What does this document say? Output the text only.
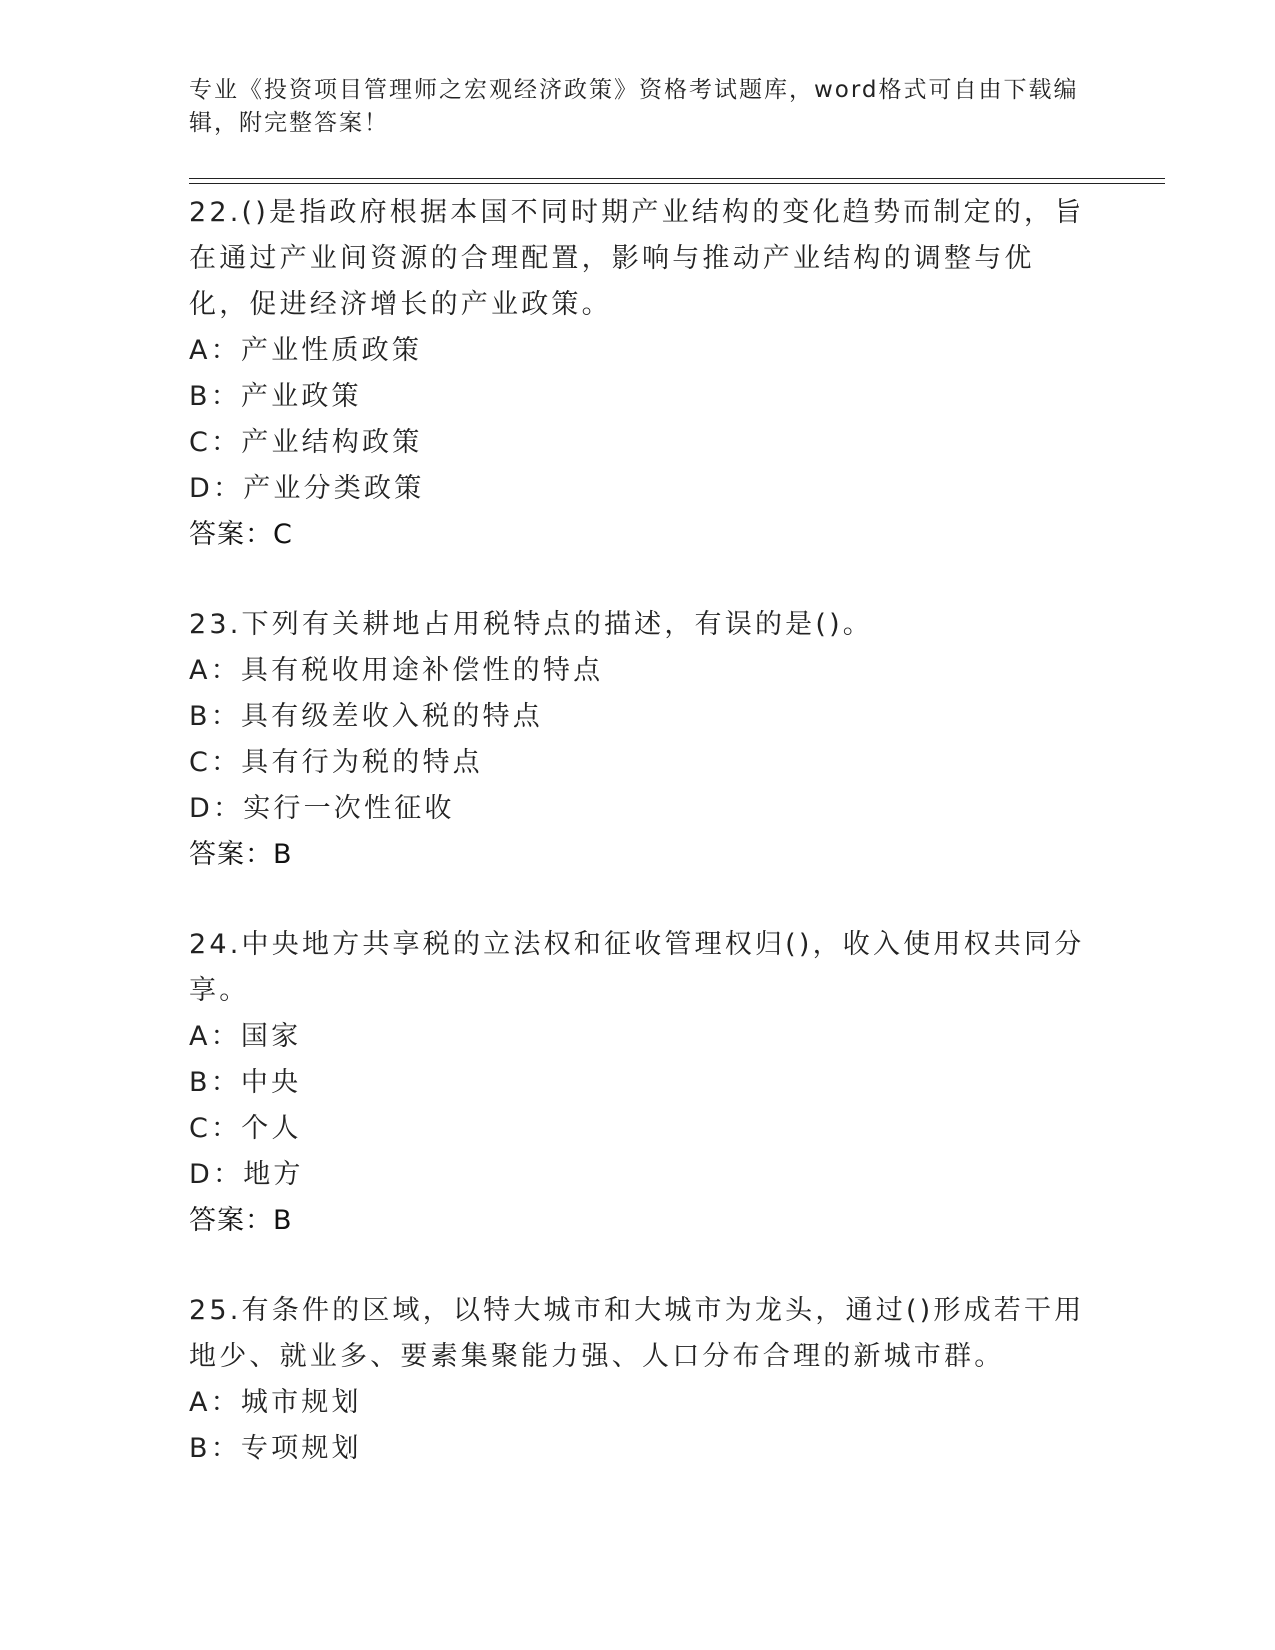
专业《投资项目管理师之宏观经济政策》资格考试题库，word格式可自由下载编辑，附完整答案！

22.()是指政府根据本国不同时期产业结构的变化趋势而制定的，旨在通过产业间资源的合理配置，影响与推动产业结构的调整与优化，促进经济增长的产业政策。

A：产业性质政策

B：产业政策

C：产业结构政策

D：产业分类政策

答案：C

23.下列有关耕地占用税特点的描述，有误的是()。

A：具有税收用途补偿性的特点

B：具有级差收入税的特点

C：具有行为税的特点

D：实行一次性征收

答案：B

24.中央地方共享税的立法权和征收管理权归()，收入使用权共同分享。

A：国家

B：中央

C：个人

D：地方

答案：B

25.有条件的区域，以特大城市和大城市为龙头，通过()形成若干用地少、就业多、要素集聚能力强、人口分布合理的新城市群。

A：城市规划

B：专项规划
